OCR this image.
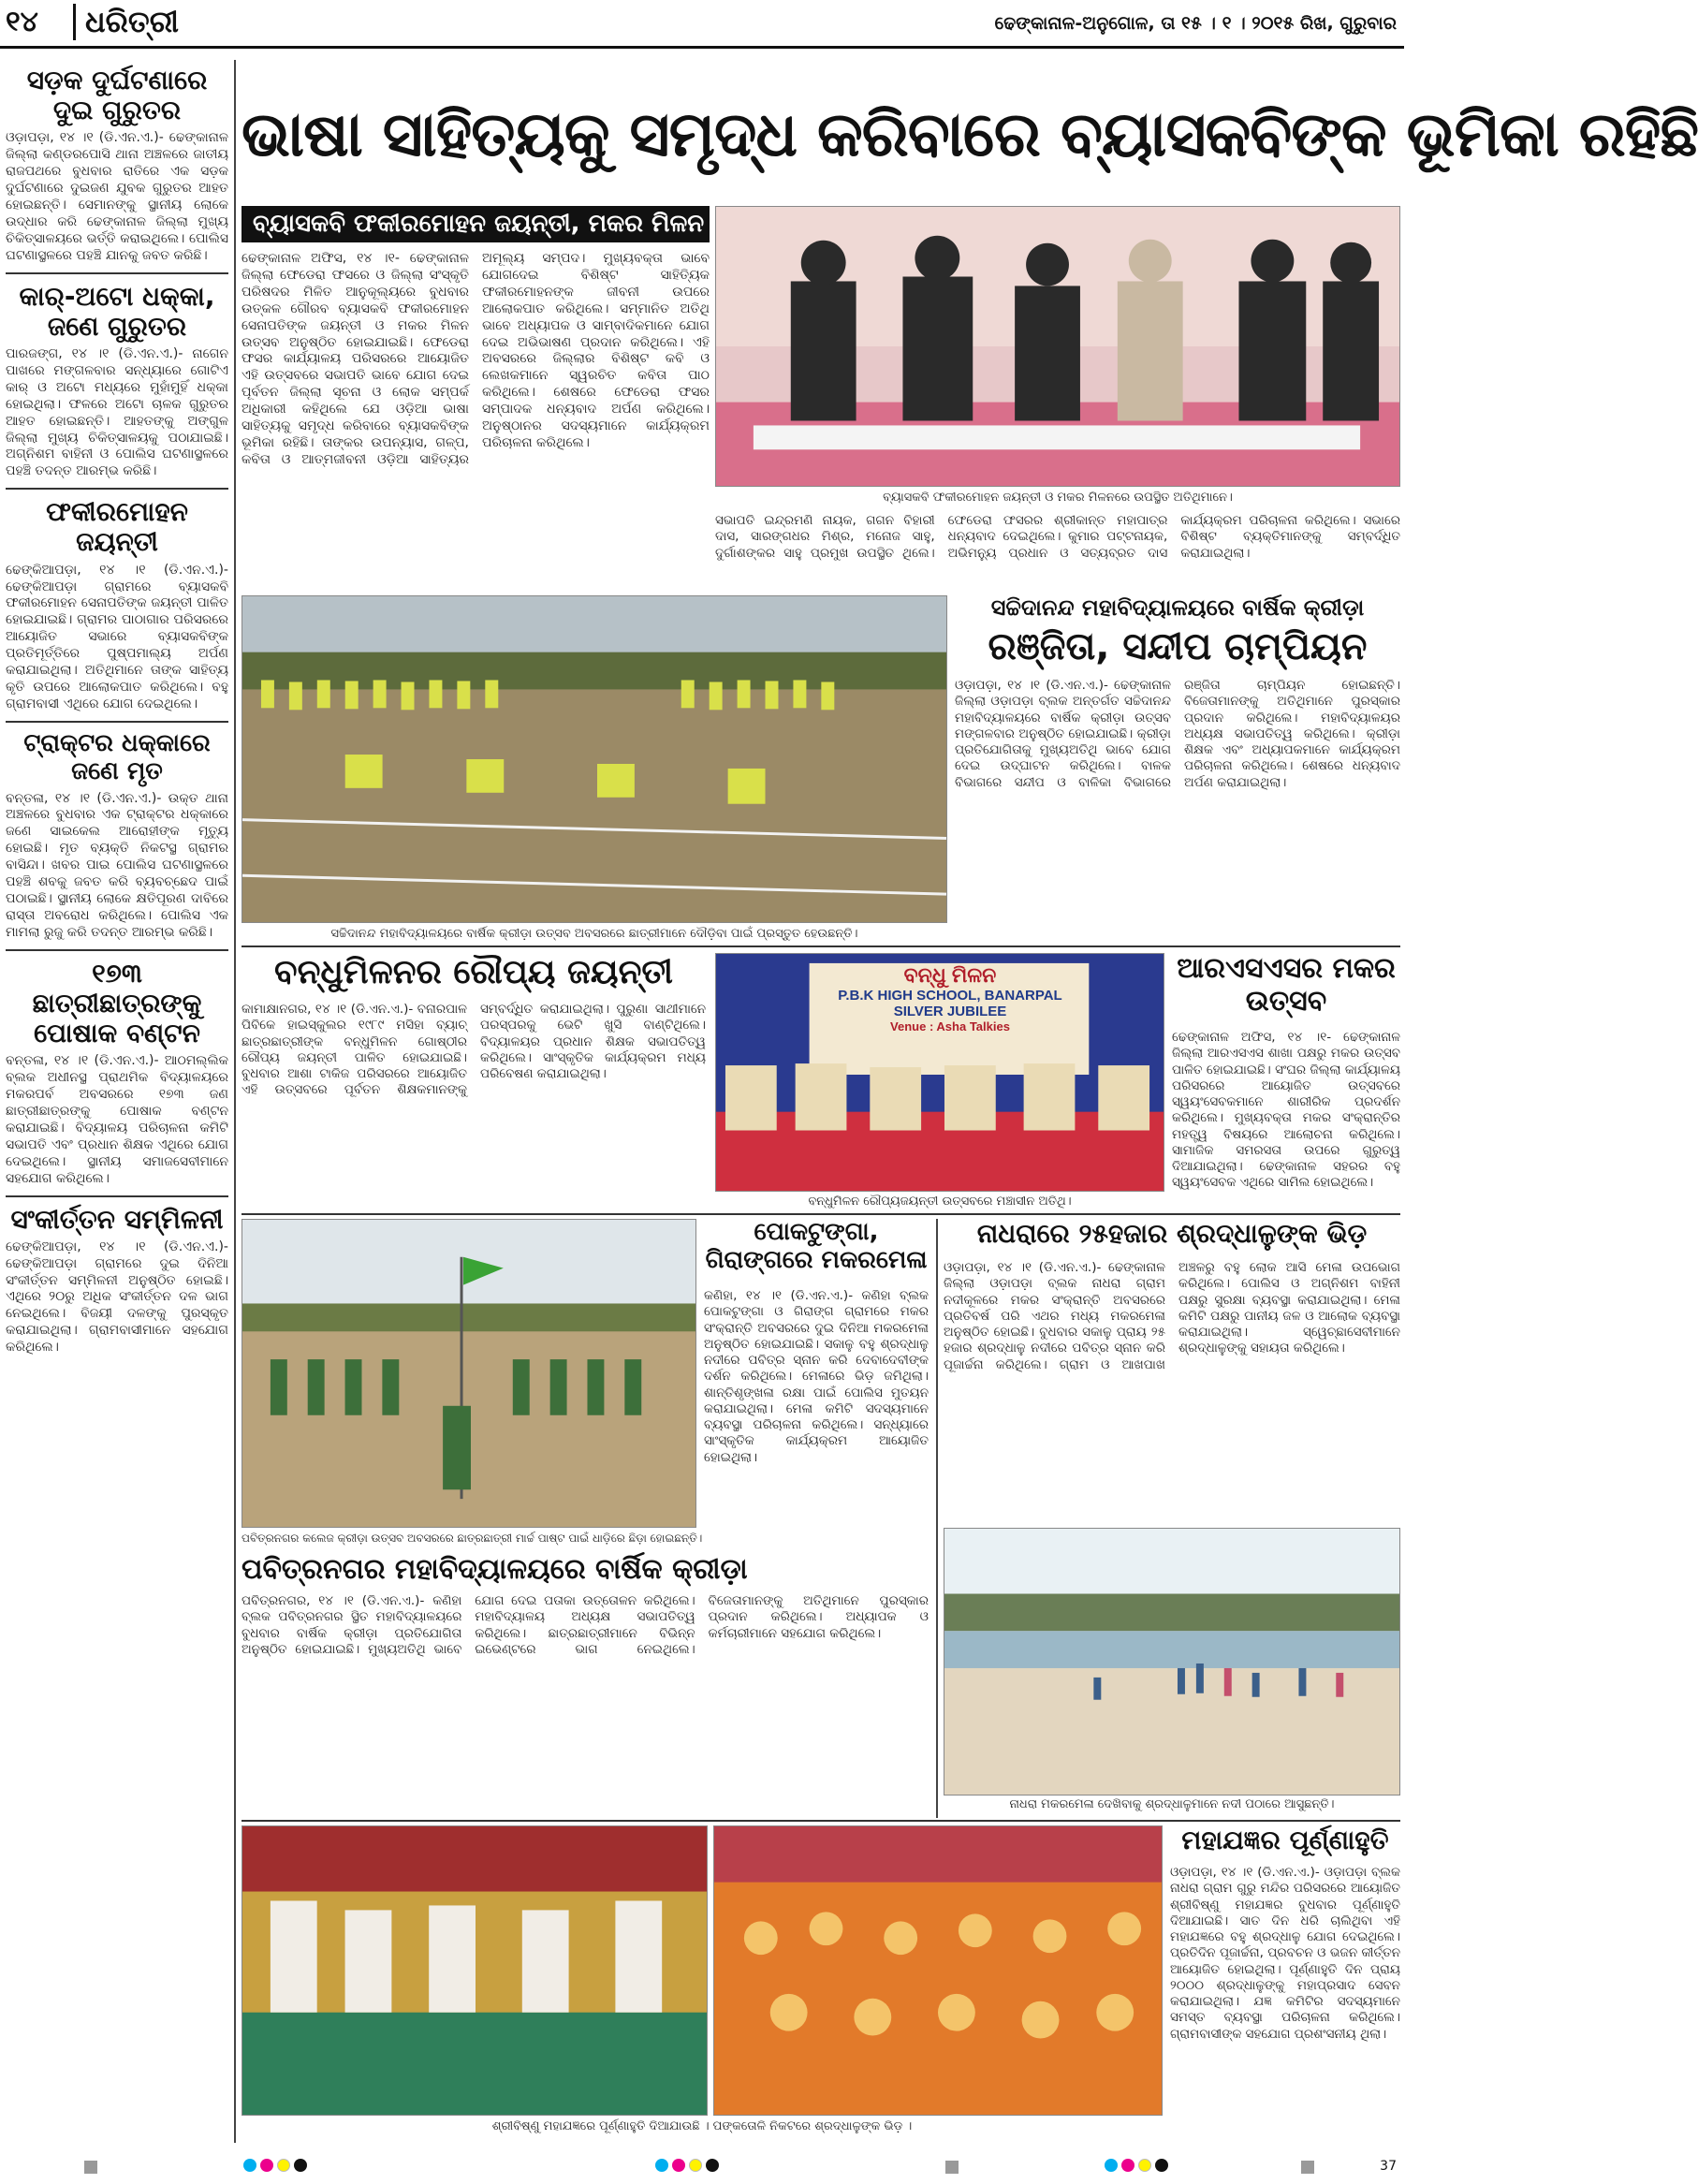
୧୪	ଧରିତ୍ରୀ	ଢେଙ୍କାନାଳ-ଅନୁଗୋଳ, ତା ୧୫ । ୧ । ୨୦୧୫ ରିଖ, ଗୁରୁବାର
ସଡ଼କ ଦୁର୍ଘଟଣାରେ ଦୁଇ ଗୁରୁତର
ଓଡ଼ାପଡ଼ା, ୧୪ ।୧ (ଡି.ଏନ.ଏ.)- ଢେଙ୍କାନାଳ ଜିଲ୍ଲା କଣ୍ଡରପୋସି ଥାନା ଅଞ୍ଚଳରେ ଜାତୀୟ ରାଜପଥରେ ବୁଧବାର ରାତିରେ ଏକ ସଡ଼କ ଦୁର୍ଘଟଣାରେ ଦୁଇଜଣ ଯୁବକ ଗୁରୁତର ଆହତ ହୋଇଛନ୍ତି। ସେମାନଙ୍କୁ ସ୍ଥାନୀୟ ଲୋକେ ଉଦ୍ଧାର କରି ଢେଙ୍କାନାଳ ଜିଲ୍ଲା ମୁଖ୍ୟ ଚିକିତ୍ସାଳୟରେ ଭର୍ତ୍ତି କରାଇଥିଲେ। ପୋଲିସ ଘଟଣାସ୍ଥଳରେ ପହଞ୍ଚି ଯାନକୁ ଜବତ କରିଛି।
କାର୍-ଅଟୋ ଧକ୍କା, ଜଣେ ଗୁରୁତର
ପାରଜଙ୍ଗ, ୧୪ ।୧ (ଡି.ଏନ.ଏ.)- ନାଗେନ ପାଖରେ ମଙ୍ଗଳବାର ସନ୍ଧ୍ୟାରେ ଗୋଟିଏ କାର୍ ଓ ଅଟୋ ମଧ୍ୟରେ ମୁହାଁମୁହିଁ ଧକ୍କା ହୋଇଥିଲା। ଫଳରେ ଅଟୋ ଚାଳକ ଗୁରୁତର ଆହତ ହୋଇଛନ୍ତି। ଆହତଙ୍କୁ ଅଙ୍ଗୁଳ ଜିଲ୍ଲା ମୁଖ୍ୟ ଚିକିତ୍ସାଳୟକୁ ପଠାଯାଇଛି। ଅଗ୍ନିଶମ ବାହିନୀ ଓ ପୋଲିସ ଘଟଣାସ୍ଥଳରେ ପହଞ୍ଚି ତଦନ୍ତ ଆରମ୍ଭ କରିଛି।
ଫକୀରମୋହନ ଜୟନ୍ତୀ
ଢେଙ୍କିଆପଡ଼ା, ୧୪ ।୧ (ଡି.ଏନ.ଏ.)- ଢେଙ୍କିଆପଡ଼ା ଗ୍ରାମରେ ବ୍ୟାସକବି ଫକୀରମୋହନ ସେନାପତିଙ୍କ ଜୟନ୍ତୀ ପାଳିତ ହୋଇଯାଇଛି। ଗ୍ରାମର ପାଠାଗାର ପରିସରରେ ଆୟୋଜିତ ସଭାରେ ବ୍ୟାସକବିଙ୍କ ପ୍ରତିମୂର୍ତ୍ତିରେ ପୁଷ୍ପମାଲ୍ୟ ଅର୍ପଣ କରାଯାଇଥିଲା। ଅତିଥିମାନେ ତାଙ୍କ ସାହିତ୍ୟ କୃତି ଉପରେ ଆଲୋକପାତ କରିଥିଲେ। ବହୁ ଗ୍ରାମବାସୀ ଏଥିରେ ଯୋଗ ଦେଇଥିଲେ।
ଟ୍ରାକ୍ଟର ଧକ୍କାରେ ଜଣେ ମୃତ
ବନ୍ତଳା, ୧୪ ।୧ (ଡି.ଏନ.ଏ.)- ଉକ୍ତ ଥାନା ଅଞ୍ଚଳରେ ବୁଧବାର ଏକ ଟ୍ରାକ୍ଟର ଧକ୍କାରେ ଜଣେ ସାଇକେଲ ଆରୋହୀଙ୍କ ମୃତ୍ୟୁ ହୋଇଛି। ମୃତ ବ୍ୟକ୍ତି ନିକଟସ୍ଥ ଗ୍ରାମର ବାସିନ୍ଦା। ଖବର ପାଇ ପୋଲିସ ଘଟଣାସ୍ଥଳରେ ପହଞ୍ଚି ଶବକୁ ଜବତ କରି ବ୍ୟବଚ୍ଛେଦ ପାଇଁ ପଠାଇଛି। ସ୍ଥାନୀୟ ଲୋକେ କ୍ଷତିପୂରଣ ଦାବିରେ ରାସ୍ତା ଅବରୋଧ କରିଥିଲେ। ପୋଲିସ ଏକ ମାମଲା ରୁଜୁ କରି ତଦନ୍ତ ଆରମ୍ଭ କରିଛି।
୧୭୩ ଛାତ୍ରୀଛାତ୍ରଙ୍କୁ ପୋଷାକ ବଣ୍ଟନ
ବନ୍ତଳା, ୧୪ ।୧ (ଡି.ଏନ.ଏ.)- ଆଠମଲ୍ଲିକ ବ୍ଲକ ଅଧୀନସ୍ଥ ପ୍ରାଥମିକ ବିଦ୍ୟାଳୟରେ ମକରପର୍ବ ଅବସରରେ ୧୭୩ ଜଣ ଛାତ୍ରୀଛାତ୍ରଙ୍କୁ ପୋଷାକ ବଣ୍ଟନ କରାଯାଇଛି। ବିଦ୍ୟାଳୟ ପରିଚାଳନା କମିଟି ସଭାପତି ଏବଂ ପ୍ରଧାନ ଶିକ୍ଷକ ଏଥିରେ ଯୋଗ ଦେଇଥିଲେ। ସ୍ଥାନୀୟ ସମାଜସେବୀମାନେ ସହଯୋଗ କରିଥିଲେ।
ସଂକୀର୍ତ୍ତନ ସମ୍ମିଳନୀ
ଢେଙ୍କିଆପଡ଼ା, ୧୪ ।୧ (ଡି.ଏନ.ଏ.)- ଢେଙ୍କିଆପଡ଼ା ଗ୍ରାମରେ ଦୁଇ ଦିନିଆ ସଂକୀର୍ତ୍ତନ ସମ୍ମିଳନୀ ଅନୁଷ୍ଠିତ ହୋଇଛି। ଏଥିରେ ୨୦ରୁ ଅଧିକ ସଂକୀର୍ତ୍ତନ ଦଳ ଭାଗ ନେଇଥିଲେ। ବିଜୟୀ ଦଳଙ୍କୁ ପୁରସ୍କୃତ କରାଯାଇଥିଲା। ଗ୍ରାମବାସୀମାନେ ସହଯୋଗ କରିଥିଲେ।
ଭାଷା ସାହିତ୍ୟକୁ ସମୃଦ୍ଧ କରିବାରେ ବ୍ୟାସକବିଙ୍କ ଭୂମିକା ରହିଛି
ବ୍ୟାସକବି ଫକୀରମୋହନ ଜୟନ୍ତୀ, ମକର ମିଳନ
ଢେଙ୍କାନାଳ ଅଫିସ, ୧୪ ।୧- ଢେଙ୍କାନାଳ ଜିଲ୍ଲା ଫେଡେରା ଫସରେ ଓ ଜିଲ୍ଲା ସଂସ୍କୃତି ପରିଷଦର ମିଳିତ ଆନୁକୂଲ୍ୟରେ ବୁଧବାର ଉତ୍କଳ ଗୌରବ ବ୍ୟାସକବି ଫକୀରମୋହନ ସେନାପତିଙ୍କ ଜୟନ୍ତୀ ଓ ମକର ମିଳନ ଉତ୍ସବ ଅନୁଷ୍ଠିତ ହୋଇଯାଇଛି। ଫେଡେରା ଫସର କାର୍ଯ୍ୟାଳୟ ପରିସରରେ ଆୟୋଜିତ ଏହି ଉତ୍ସବରେ ସଭାପତି ଭାବେ ଯୋଗ ଦେଇ ପୂର୍ବତନ ଜିଲ୍ଲା ସୂଚନା ଓ ଲୋକ ସମ୍ପର୍କ ଅଧିକାରୀ କହିଥିଲେ ଯେ ଓଡ଼ିଆ ଭାଷା ସାହିତ୍ୟକୁ ସମୃଦ୍ଧ କରିବାରେ ବ୍ୟାସକବିଙ୍କ ଭୂମିକା ରହିଛି। ତାଙ୍କର ଉପନ୍ୟାସ, ଗଳ୍ପ, କବିତା ଓ ଆତ୍ମଜୀବନୀ ଓଡ଼ିଆ ସାହିତ୍ୟର ଅମୂଲ୍ୟ ସମ୍ପଦ। ମୁଖ୍ୟବକ୍ତା ଭାବେ ଯୋଗଦେଇ ବିଶିଷ୍ଟ ସାହିତ୍ୟିକ ଫକୀରମୋହନଙ୍କ ଜୀବନୀ ଉପରେ ଆଲୋକପାତ କରିଥିଲେ। ସମ୍ମାନିତ ଅତିଥି ଭାବେ ଅଧ୍ୟାପକ ଓ ସାମ୍ବାଦିକମାନେ ଯୋଗ ଦେଇ ଅଭିଭାଷଣ ପ୍ରଦାନ କରିଥିଲେ। ଏହି ଅବସରରେ ଜିଲ୍ଲାର ବିଶିଷ୍ଟ କବି ଓ ଲେଖକମାନେ ସ୍ୱରଚିତ କବିତା ପାଠ କରିଥିଲେ। ଶେଷରେ ଫେଡେରା ଫସର ସମ୍ପାଦକ ଧନ୍ୟବାଦ ଅର୍ପଣ କରିଥିଲେ। ଅନୁଷ୍ଠାନର ସଦସ୍ୟମାନେ କାର୍ଯ୍ୟକ୍ରମ ପରିଚାଳନା କରିଥିଲେ।
ବ୍ୟାସକବି ଫକୀରମୋହନ ଜୟନ୍ତୀ ଓ ମକର ମିଳନରେ ଉପସ୍ଥିତ ଅତିଥିମାନେ।
ସଭାପତି ଇନ୍ଦ୍ରମଣି ନାୟକ, ଗଗନ ବିହାରୀ ଦାସ, ସାରଙ୍ଗଧର ମିଶ୍ର, ମନୋଜ ସାହୁ, ଦୁର୍ଗାଶଙ୍କର ସାହୁ ପ୍ରମୁଖ ଉପସ୍ଥିତ ଥିଲେ। ଫେଡେରା ଫସରର ଶ୍ରୀକାନ୍ତ ମହାପାତ୍ର ଧନ୍ୟବାଦ ଦେଇଥିଲେ। କୁମାର ପଟ୍ଟନାୟକ, ଅଭିମନ୍ୟୁ ପ୍ରଧାନ ଓ ସତ୍ୟବ୍ରତ ଦାସ କାର୍ଯ୍ୟକ୍ରମ ପରିଚାଳନା କରିଥିଲେ। ସଭାରେ ବିଶିଷ୍ଟ ବ୍ୟକ୍ତିମାନଙ୍କୁ ସମ୍ବର୍ଦ୍ଧିତ କରାଯାଇଥିଲା।
ସଚ୍ଚିଦାନନ୍ଦ ମହାବିଦ୍ୟାଳୟରେ ବାର୍ଷିକ କ୍ରୀଡ଼ା ଉତ୍ସବ ଅବସରରେ ଛାତ୍ରୀମାନେ ଦୌଡ଼ିବା ପାଇଁ ପ୍ରସ୍ତୁତ ହେଉଛନ୍ତି।
ସଚ୍ଚିଦାନନ୍ଦ ମହାବିଦ୍ୟାଳୟରେ ବାର୍ଷିକ କ୍ରୀଡ଼ା
ରଞ୍ଜିତା, ସନ୍ଦୀପ ଚାମ୍ପିୟନ
ଓଡ଼ାପଡ଼ା, ୧୪ ।୧ (ଡି.ଏନ.ଏ.)- ଢେଙ୍କାନାଳ ଜିଲ୍ଲା ଓଡ଼ାପଡ଼ା ବ୍ଲକ ଅନ୍ତର୍ଗତ ସଚ୍ଚିଦାନନ୍ଦ ମହାବିଦ୍ୟାଳୟରେ ବାର୍ଷିକ କ୍ରୀଡ଼ା ଉତ୍ସବ ମଙ୍ଗଳବାର ଅନୁଷ୍ଠିତ ହୋଇଯାଇଛି। କ୍ରୀଡ଼ା ପ୍ରତିଯୋଗିତାକୁ ମୁଖ୍ୟଅତିଥି ଭାବେ ଯୋଗ ଦେଇ ଉଦ୍‌ଘାଟନ କରିଥିଲେ। ବାଳକ ବିଭାଗରେ ସନ୍ଦୀପ ଓ ବାଳିକା ବିଭାଗରେ ରଞ୍ଜିତା ଚାମ୍ପିୟନ ହୋଇଛନ୍ତି। ବିଜେତାମାନଙ୍କୁ ଅତିଥିମାନେ ପୁରସ୍କାର ପ୍ରଦାନ କରିଥିଲେ। ମହାବିଦ୍ୟାଳୟର ଅଧ୍ୟକ୍ଷ ସଭାପତିତ୍ୱ କରିଥିଲେ। କ୍ରୀଡ଼ା ଶିକ୍ଷକ ଏବଂ ଅଧ୍ୟାପକମାନେ କାର୍ଯ୍ୟକ୍ରମ ପରିଚାଳନା କରିଥିଲେ। ଶେଷରେ ଧନ୍ୟବାଦ ଅର୍ପଣ କରାଯାଇଥିଲା।
ବନ୍ଧୁମିଳନର ରୌପ୍ୟ ଜୟନ୍ତୀ
କାମାକ୍ଷାନଗର, ୧୪ ।୧ (ଡି.ଏନ.ଏ.)- ବନାରପାଳ ପିବିକେ ହାଇସ୍କୁଲର ୧୯୮୯ ମସିହା ବ୍ୟାଚ୍ ଛାତ୍ରଛାତ୍ରୀଙ୍କ ବନ୍ଧୁମିଳନ ଗୋଷ୍ଠୀର ରୌପ୍ୟ ଜୟନ୍ତୀ ପାଳିତ ହୋଇଯାଇଛି। ବୁଧବାର ଆଶା ଟାକିଜ ପରିସରରେ ଆୟୋଜିତ ଏହି ଉତ୍ସବରେ ପୂର୍ବତନ ଶିକ୍ଷକମାନଙ୍କୁ ସମ୍ବର୍ଦ୍ଧିତ କରାଯାଇଥିଲା। ପୁରୁଣା ସାଥୀମାନେ ପରସ୍ପରକୁ ଭେଟି ଖୁସି ବାଣ୍ଟିଥିଲେ। ବିଦ୍ୟାଳୟର ପ୍ରଧାନ ଶିକ୍ଷକ ସଭାପତିତ୍ୱ କରିଥିଲେ। ସାଂସ୍କୃତିକ କାର୍ଯ୍ୟକ୍ରମ ମଧ୍ୟ ପରିବେଷଣ କରାଯାଇଥିଲା।
ବନ୍ଧୁ ମିଳନ
P.B.K HIGH SCHOOL, BANARPAL
SILVER JUBILEE
Venue : Asha Talkies
ବନ୍ଧୁମିଳନ ରୌପ୍ୟଜୟନ୍ତୀ ଉତ୍ସବରେ ମଞ୍ଚାସୀନ ଅତିଥି।
ଆରଏସଏସର ମକର ଉତ୍ସବ
ଢେଙ୍କାନାଳ ଅଫିସ, ୧୪ ।୧- ଢେଙ୍କାନାଳ ଜିଲ୍ଲା ଆରଏସଏସ ଶାଖା ପକ୍ଷରୁ ମକର ଉତ୍ସବ ପାଳିତ ହୋଇଯାଇଛି। ସଂଘର ଜିଲ୍ଲା କାର୍ଯ୍ୟାଳୟ ପରିସରରେ ଆୟୋଜିତ ଉତ୍ସବରେ ସ୍ୱୟଂସେବକମାନେ ଶାରୀରିକ ପ୍ରଦର୍ଶନ କରିଥିଲେ। ମୁଖ୍ୟବକ୍ତା ମକର ସଂକ୍ରାନ୍ତିର ମହତ୍ତ୍ୱ ବିଷୟରେ ଆଲୋଚନା କରିଥିଲେ। ସାମାଜିକ ସମରସତା ଉପରେ ଗୁରୁତ୍ୱ ଦିଆଯାଇଥିଲା। ଢେଙ୍କାନାଳ ସହରର ବହୁ ସ୍ୱୟଂସେବକ ଏଥିରେ ସାମିଲ ହୋଇଥିଲେ।
ପବିତ୍ରନଗର କଲେଜ କ୍ରୀଡ଼ା ଉତ୍ସବ ଅବସରରେ ଛାତ୍ରଛାତ୍ରୀ ମାର୍ଚ୍ଚ ପାଷ୍ଟ ପାଇଁ ଧାଡ଼ିରେ ଛିଡ଼ା ହୋଇଛନ୍ତି।
ପବିତ୍ରନଗର ମହାବିଦ୍ୟାଳୟରେ ବାର୍ଷିକ କ୍ରୀଡ଼ା
ପବିତ୍ରନଗର, ୧୪ ।୧ (ଡି.ଏନ.ଏ.)- କଣିହା ବ୍ଲକ ପବିତ୍ରନଗର ସ୍ଥିତ ମହାବିଦ୍ୟାଳୟରେ ବୁଧବାର ବାର୍ଷିକ କ୍ରୀଡ଼ା ପ୍ରତିଯୋଗିତା ଅନୁଷ୍ଠିତ ହୋଇଯାଇଛି। ମୁଖ୍ୟଅତିଥି ଭାବେ ଯୋଗ ଦେଇ ପତାକା ଉତ୍ତୋଳନ କରିଥିଲେ। ମହାବିଦ୍ୟାଳୟ ଅଧ୍ୟକ୍ଷ ସଭାପତିତ୍ୱ କରିଥିଲେ। ଛାତ୍ରଛାତ୍ରୀମାନେ ବିଭିନ୍ନ ଇଭେଣ୍ଟରେ ଭାଗ ନେଇଥିଲେ। ବିଜେତାମାନଙ୍କୁ ଅତିଥିମାନେ ପୁରସ୍କାର ପ୍ରଦାନ କରିଥିଲେ। ଅଧ୍ୟାପକ ଓ କର୍ମଚାରୀମାନେ ସହଯୋଗ କରିଥିଲେ।
ପୋକଟୁଙ୍ଗା, ଗିରାଙ୍ଗରେ ମକରମେଳା
କଣିହା, ୧୪ ।୧ (ଡି.ଏନ.ଏ.)- କଣିହା ବ୍ଲକ ପୋକଟୁଙ୍ଗା ଓ ଗିରାଙ୍ଗ ଗ୍ରାମରେ ମକର ସଂକ୍ରାନ୍ତି ଅବସରରେ ଦୁଇ ଦିନିଆ ମକରମେଳା ଅନୁଷ୍ଠିତ ହୋଇଯାଇଛି। ସକାଳୁ ବହୁ ଶ୍ରଦ୍ଧାଳୁ ନଦୀରେ ପବିତ୍ର ସ୍ନାନ କରି ଦେବାଦେବୀଙ୍କ ଦର୍ଶନ କରିଥିଲେ। ମେଳାରେ ଭିଡ଼ ଜମିଥିଲା। ଶାନ୍ତିଶୃଙ୍ଖଳା ରକ୍ଷା ପାଇଁ ପୋଲିସ ମୁତୟନ କରାଯାଇଥିଲା। ମେଳା କମିଟି ସଦସ୍ୟମାନେ ବ୍ୟବସ୍ଥା ପରିଚାଳନା କରିଥିଲେ। ସନ୍ଧ୍ୟାରେ ସାଂସ୍କୃତିକ କାର୍ଯ୍ୟକ୍ରମ ଆୟୋଜିତ ହୋଇଥିଲା।
ନାଧରାରେ ୨୫ହଜାର ଶ୍ରଦ୍ଧାଳୁଙ୍କ ଭିଡ଼
ଓଡ଼ାପଡ଼ା, ୧୪ ।୧ (ଡି.ଏନ.ଏ.)- ଢେଙ୍କାନାଳ ଜିଲ୍ଲା ଓଡ଼ାପଡ଼ା ବ୍ଲକ ନାଧରା ଗ୍ରାମ ନଦୀକୂଳରେ ମକର ସଂକ୍ରାନ୍ତି ଅବସରରେ ପ୍ରତିବର୍ଷ ପରି ଏଥର ମଧ୍ୟ ମକରମେଳା ଅନୁଷ୍ଠିତ ହୋଇଛି। ବୁଧବାର ସକାଳୁ ପ୍ରାୟ ୨୫ ହଜାର ଶ୍ରଦ୍ଧାଳୁ ନଦୀରେ ପବିତ୍ର ସ୍ନାନ କରି ପୂଜାର୍ଚ୍ଚନା କରିଥିଲେ। ଗ୍ରାମ ଓ ଆଖପାଖ ଅଞ୍ଚଳରୁ ବହୁ ଲୋକ ଆସି ମେଳା ଉପଭୋଗ କରିଥିଲେ। ପୋଲିସ ଓ ଅଗ୍ନିଶମ ବାହିନୀ ପକ୍ଷରୁ ସୁରକ୍ଷା ବ୍ୟବସ୍ଥା କରାଯାଇଥିଲା। ମେଳା କମିଟି ପକ୍ଷରୁ ପାନୀୟ ଜଳ ଓ ଆଲୋକ ବ୍ୟବସ୍ଥା କରାଯାଇଥିଲା। ସ୍ୱେଚ୍ଛାସେବୀମାନେ ଶ୍ରଦ୍ଧାଳୁଙ୍କୁ ସହାୟତା କରିଥିଲେ।
ନାଧରା ମକରମେଳା ଦେଖିବାକୁ ଶ୍ରଦ୍ଧାଳୁମାନେ ନଦୀ ପଠାରେ ଆସୁଛନ୍ତି।
ଶ୍ରୀବିଷ୍ଣୁ ମହାଯଜ୍ଞରେ ପୂର୍ଣ୍ଣାହୁତି ଦିଆଯାଉଛି । ପଙ୍କତୋଳି ନିକଟରେ ଶ୍ରଦ୍ଧାଳୁଙ୍କ ଭିଡ଼ ।
ମହାଯଜ୍ଞର ପୂର୍ଣ୍ଣାହୁତି
ଓଡ଼ାପଡ଼ା, ୧୪ ।୧ (ଡି.ଏନ.ଏ.)- ଓଡ଼ାପଡ଼ା ବ୍ଲକ ନାଧରା ଗ୍ରାମ ଗୁରୁ ମନ୍ଦିର ପରିସରରେ ଆୟୋଜିତ ଶ୍ରୀବିଷ୍ଣୁ ମହାଯଜ୍ଞର ବୁଧବାର ପୂର୍ଣ୍ଣାହୁତି ଦିଆଯାଇଛି। ସାତ ଦିନ ଧରି ଚାଲିଥିବା ଏହି ମହାଯଜ୍ଞରେ ବହୁ ଶ୍ରଦ୍ଧାଳୁ ଯୋଗ ଦେଇଥିଲେ। ପ୍ରତିଦିନ ପୂଜାର୍ଚ୍ଚନା, ପ୍ରବଚନ ଓ ଭଜନ କୀର୍ତ୍ତନ ଆୟୋଜିତ ହୋଇଥିଲା। ପୂର୍ଣ୍ଣାହୁତି ଦିନ ପ୍ରାୟ ୨୦୦୦ ଶ୍ରଦ୍ଧାଳୁଙ୍କୁ ମହାପ୍ରସାଦ ସେବନ କରାଯାଇଥିଲା। ଯଜ୍ଞ କମିଟିର ସଦସ୍ୟମାନେ ସମସ୍ତ ବ୍ୟବସ୍ଥା ପରିଚାଳନା କରିଥିଲେ। ଗ୍ରାମବାସୀଙ୍କ ସହଯୋଗ ପ୍ରଶଂସନୀୟ ଥିଲା।
37
